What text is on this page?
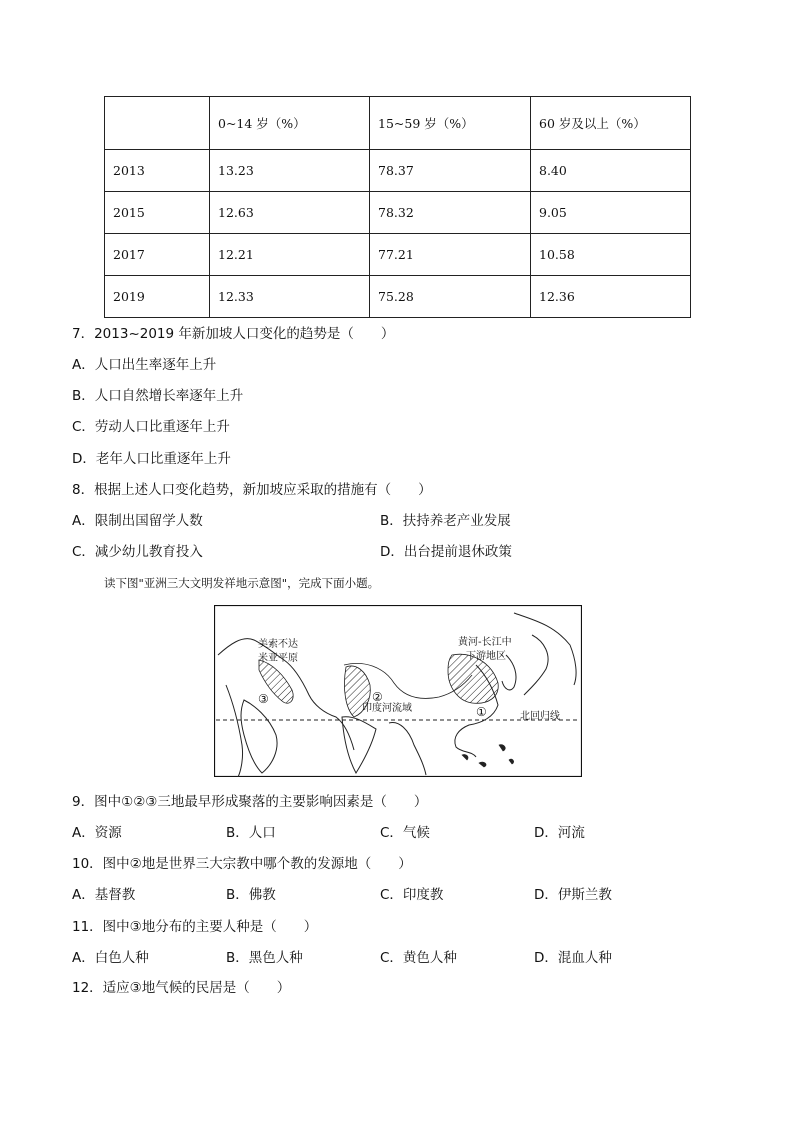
	0~14 岁（%）	15~59 岁（%）	60 岁及以上（%）
2013	13.23	78.37	8.40
2015	12.63	78.32	9.05
2017	12.21	77.21	10.58
2019	12.33	75.28	12.36
7．2013~2019 年新加坡人口变化的趋势是（　　）
A．人口出生率逐年上升
B．人口自然增长率逐年上升
C．劳动人口比重逐年上升
D．老年人口比重逐年上升
8．根据上述人口变化趋势，新加坡应采取的措施有（　　）
A．限制出国留学人数	B．扶持养老产业发展
C．减少幼儿教育投入	D．出台提前退休政策
读下图"亚洲三大文明发祥地示意图"，完成下面小题。
美索不达
米亚平原
黄河-长江中
下游地区
印度河流域
北回归线
②
①
③
9．图中①②③三地最早形成聚落的主要影响因素是（　　）
A．资源	B．人口	C．气候	D．河流
10．图中②地是世界三大宗教中哪个教的发源地（　　）
A．基督教	B．佛教	C．印度教	D．伊斯兰教
11．图中③地分布的主要人种是（　　）
A．白色人种	B．黑色人种	C．黄色人种	D．混血人种
12．适应③地气候的民居是（　　）
